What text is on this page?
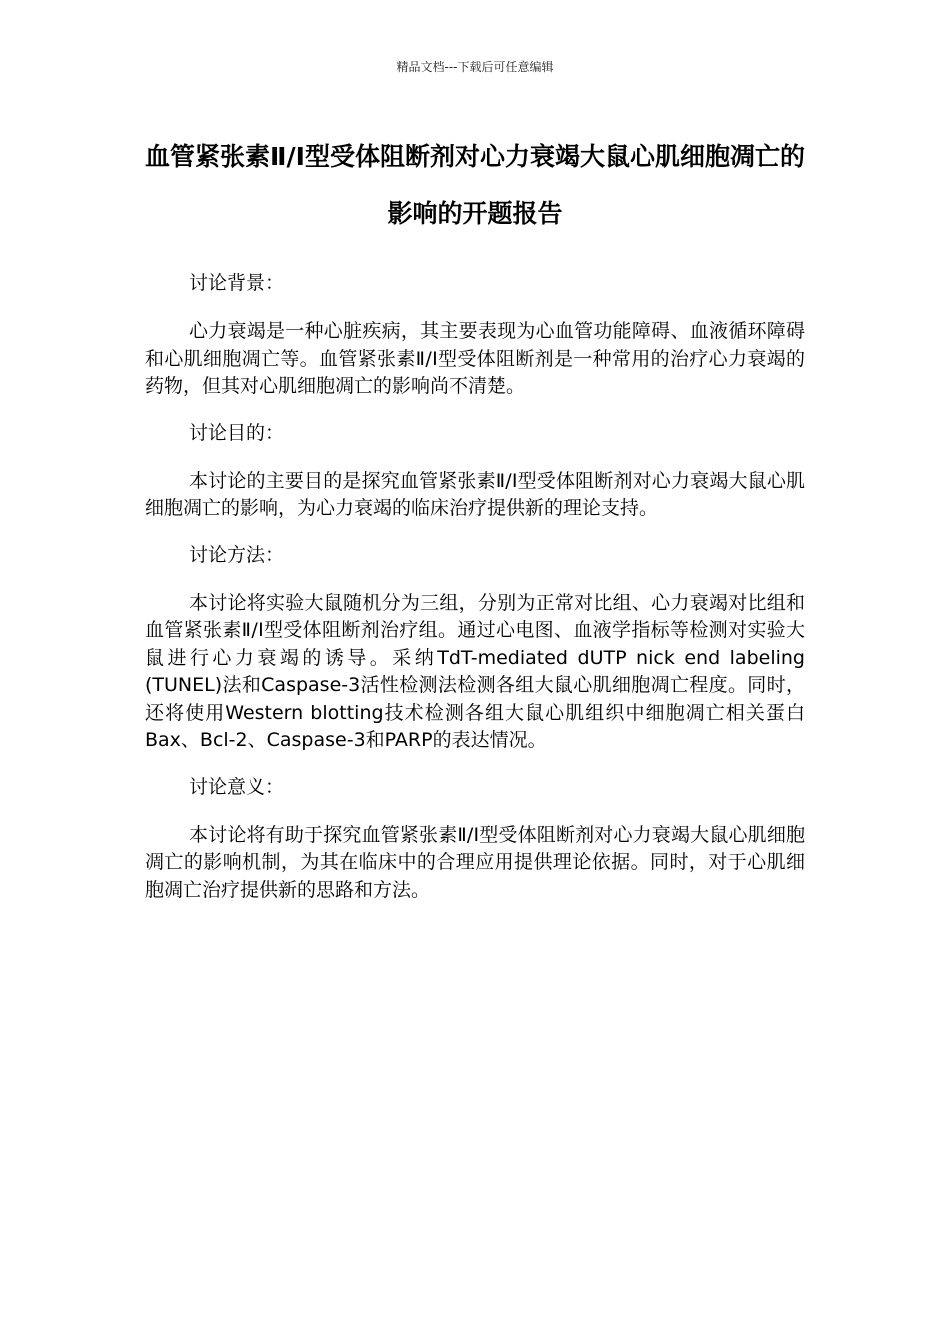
精品文档---下载后可任意编辑
血管紧张素Ⅱ/Ⅰ型受体阻断剂对心力衰竭大鼠心肌细胞凋亡的影响的开题报告

讨论背景：

心力衰竭是一种心脏疾病，其主要表现为心血管功能障碍、血液循环障碍和心肌细胞凋亡等。血管紧张素Ⅱ/Ⅰ型受体阻断剂是一种常用的治疗心力衰竭的药物，但其对心肌细胞凋亡的影响尚不清楚。

讨论目的：

本讨论的主要目的是探究血管紧张素Ⅱ/Ⅰ型受体阻断剂对心力衰竭大鼠心肌细胞凋亡的影响，为心力衰竭的临床治疗提供新的理论支持。

讨论方法：

本讨论将实验大鼠随机分为三组，分别为正常对比组、心力衰竭对比组和血管紧张素Ⅱ/Ⅰ型受体阻断剂治疗组。通过心电图、血液学指标等检测对实验大鼠进行心力衰竭的诱导。采纳TdT-mediated dUTP nick end labeling (TUNEL)法和Caspase-3活性检测法检测各组大鼠心肌细胞凋亡程度。同时，还将使用Western blotting技术检测各组大鼠心肌组织中细胞凋亡相关蛋白Bax、Bcl-2、Caspase-3和PARP的表达情况。

讨论意义：

本讨论将有助于探究血管紧张素Ⅱ/Ⅰ型受体阻断剂对心力衰竭大鼠心肌细胞凋亡的影响机制，为其在临床中的合理应用提供理论依据。同时，对于心肌细胞凋亡治疗提供新的思路和方法。
